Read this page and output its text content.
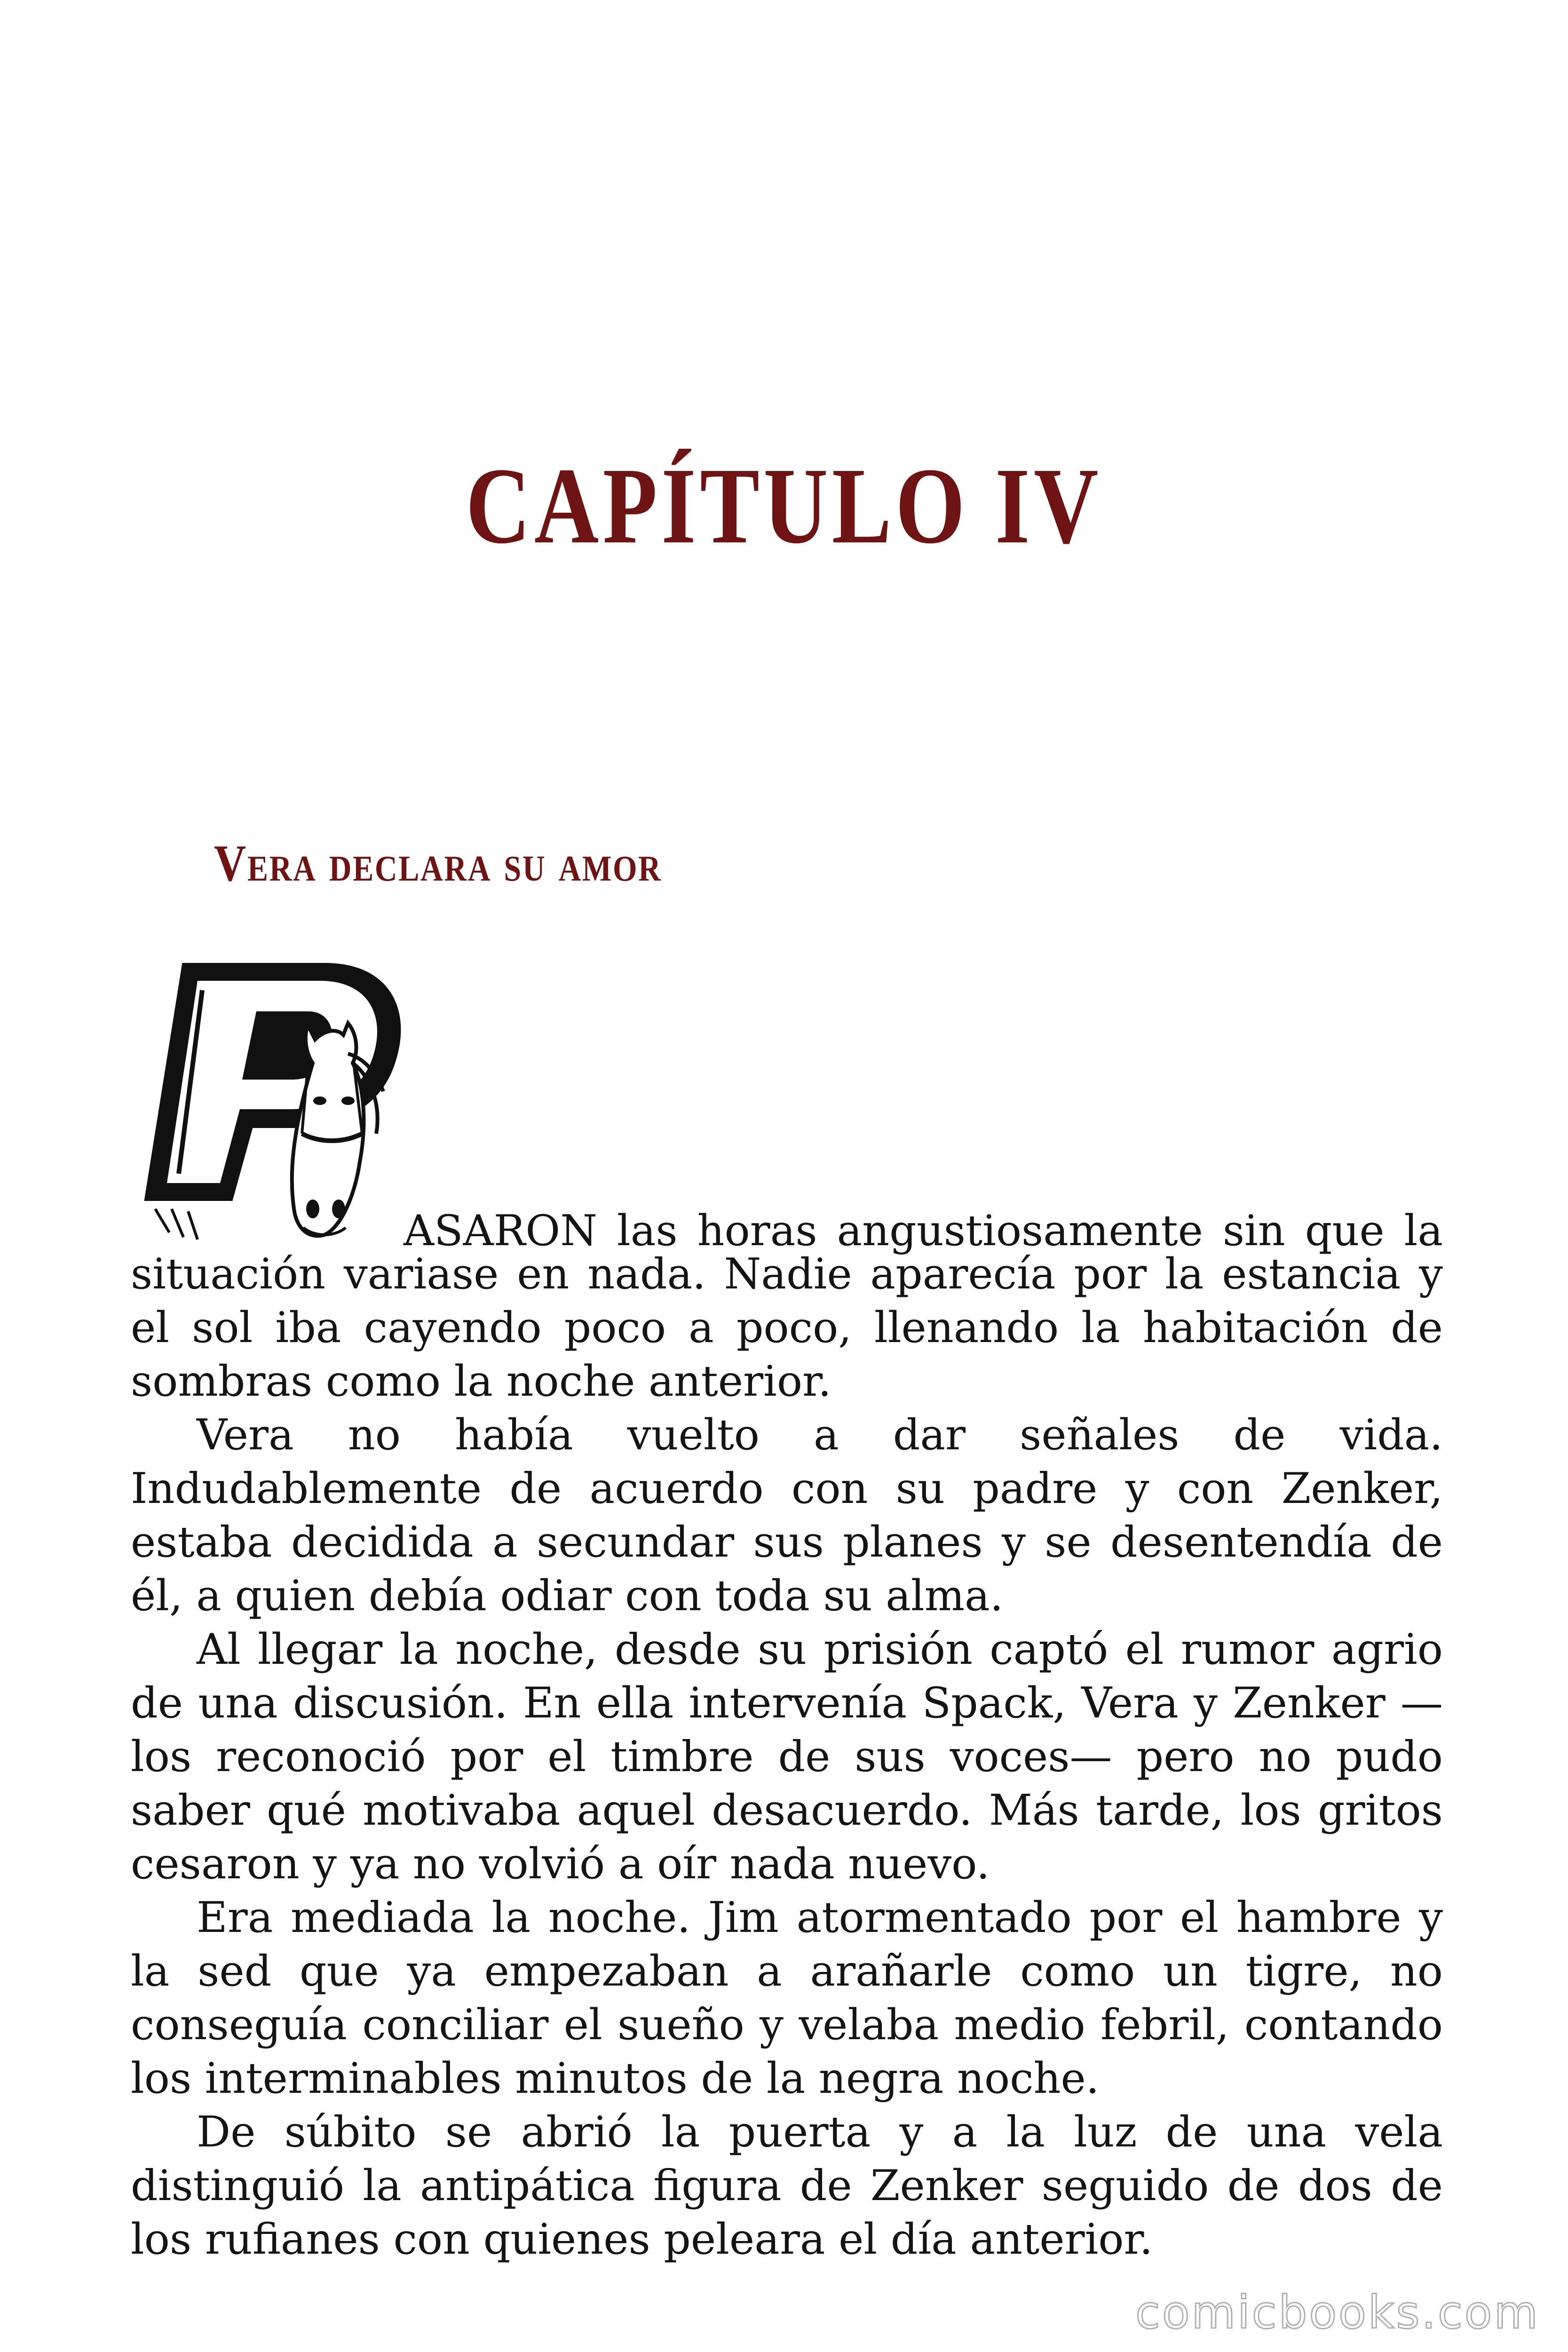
CAPÍTULO IV
Vera declara su amor

ASARON las horas angustiosamente sin que la
situación variase en nada. Nadie aparecía por la estancia y el sol iba cayendo poco a poco, llenando la habitación de sombras como la noche anterior.

Vera no había vuelto a dar señales de vida. Indudablemente de acuerdo con su padre y con Zenker, estaba decidida a secundar sus planes y se desentendía de él, a quien debía odiar con toda su alma.

Al llegar la noche, desde su prisión captó el rumor agrio de una discusión. En ella intervenía Spack, Vera y Zenker —los reconoció por el timbre de sus voces— pero no pudo saber qué motivaba aquel desacuerdo. Más tarde, los gritos cesaron y ya no volvió a oír nada nuevo.

Era mediada la noche. Jim atormentado por el hambre y la sed que ya empezaban a arañarle como un tigre, no conseguía conciliar el sueño y velaba medio febril, contando los interminables minutos de la negra noche.

De súbito se abrió la puerta y a la luz de una vela distinguió la antipática figura de Zenker seguido de dos de los rufianes con quienes peleara el día anterior.

comicbooks.com
